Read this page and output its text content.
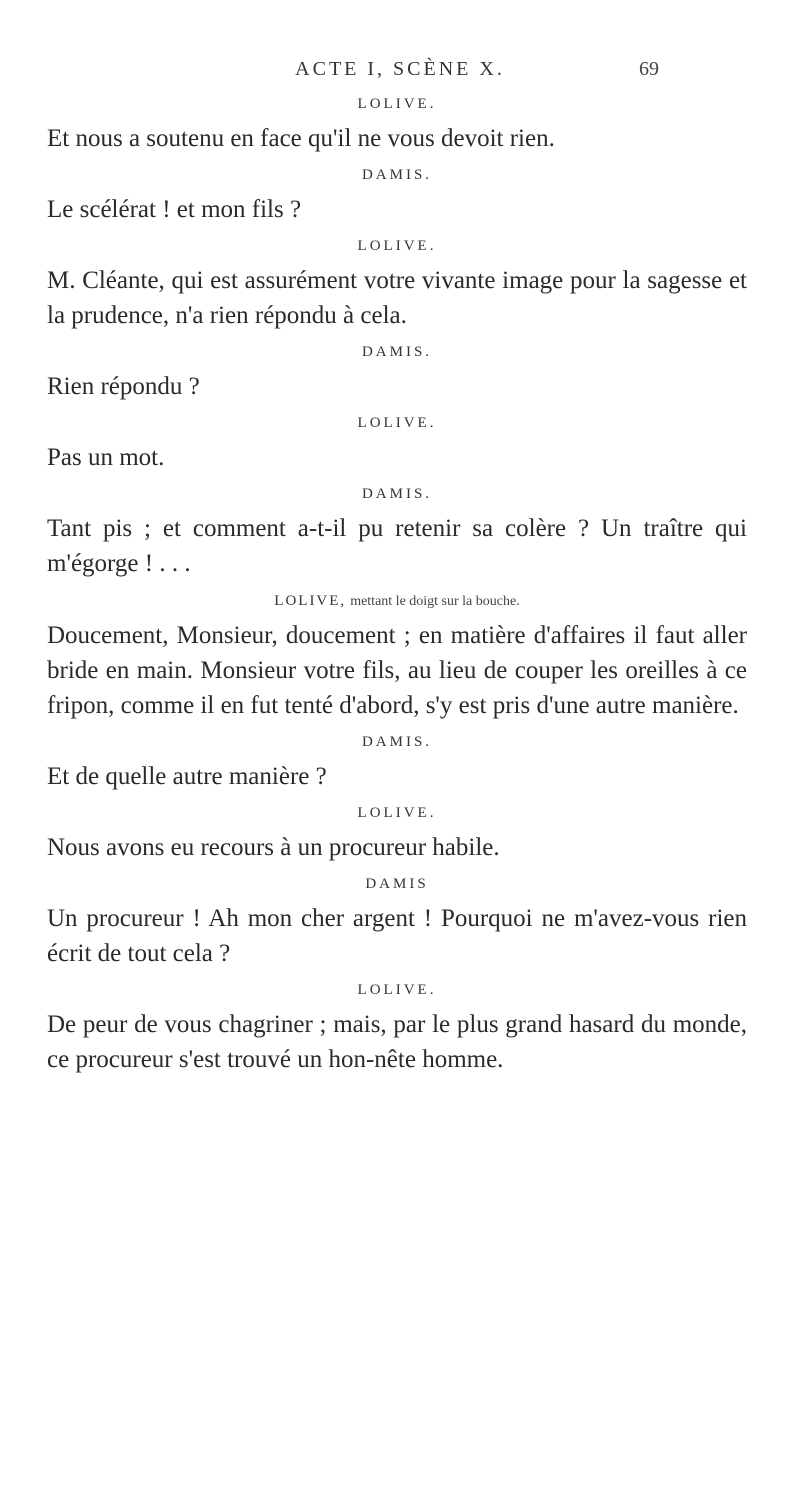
ACTE I, SCÈNE X.	69
LOLIVE.

Et nous a soutenu en face qu'il ne vous devoit rien.

DAMIS.

Le scélérat ! et mon fils ?

LOLIVE.

M. Cléante, qui est assurément votre vivante image pour la sagesse et la prudence, n'a rien répondu à cela.

DAMIS.

Rien répondu ?

LOLIVE.

Pas un mot.

DAMIS.

Tant pis ; et comment a-t-il pu retenir sa colère ? Un traître qui m'égorge ! . . .

LOLIVE, mettant le doigt sur la bouche.

Doucement, Monsieur, doucement ; en matière d'affaires il faut aller bride en main. Monsieur votre fils, au lieu de couper les oreilles à ce fripon, comme il en fut tenté d'abord, s'y est pris d'une autre manière.

DAMIS.

Et de quelle autre manière ?

LOLIVE.

Nous avons eu recours à un procureur habile.

DAMIS

Un procureur ! Ah mon cher argent ! Pourquoi ne m'avez-vous rien écrit de tout cela ?

LOLIVE.

De peur de vous chagriner ; mais, par le plus grand hasard du monde, ce procureur s'est trouvé un hon-nête homme.
